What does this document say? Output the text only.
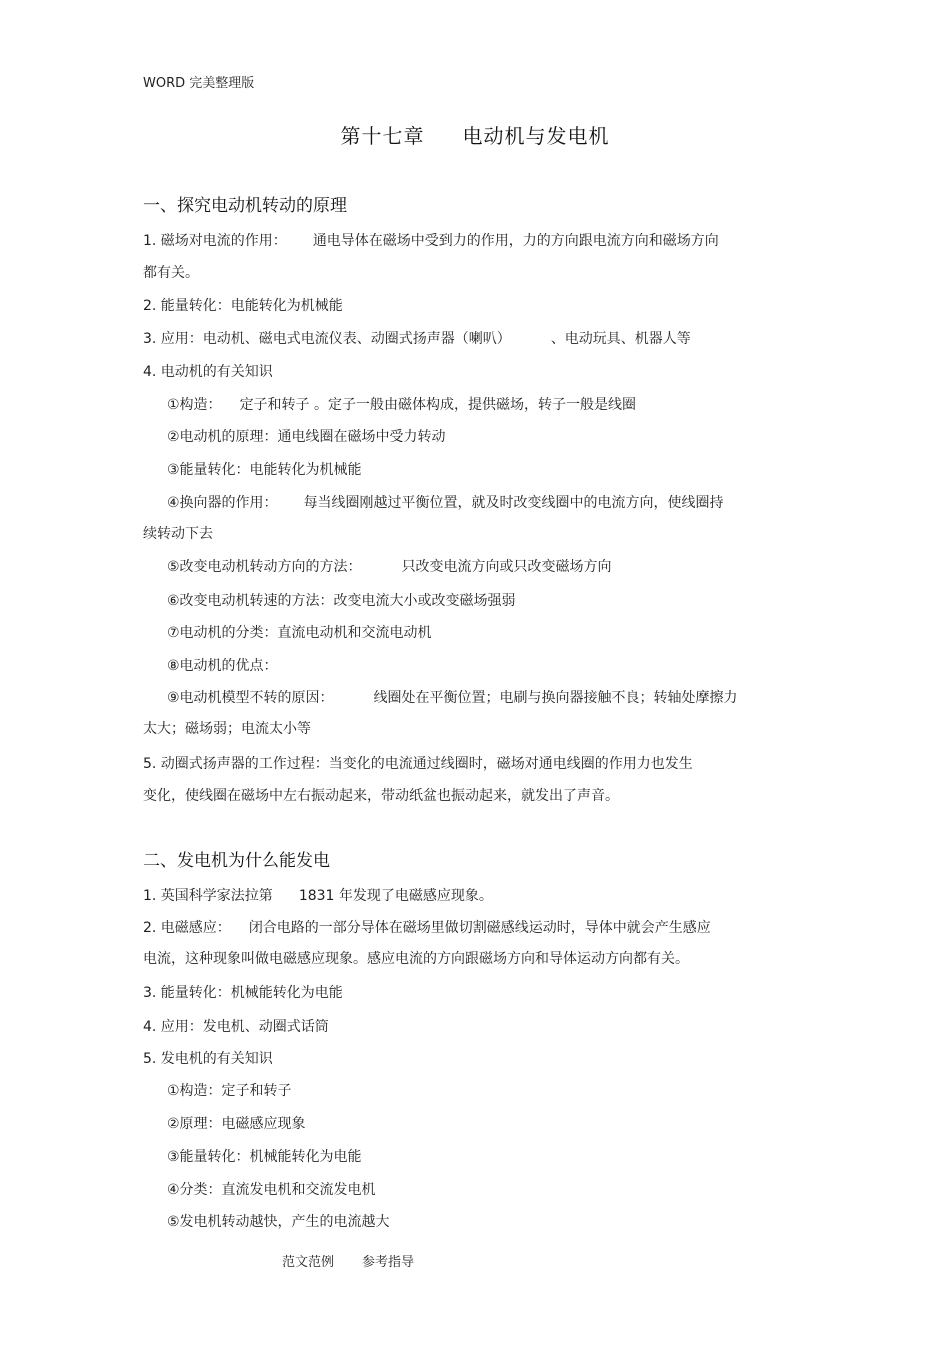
WORD 完美整理版
第十七章 电动机与发电机
一、探究电动机转动的原理
1. 磁场对电流的作用： 通电导体在磁场中受到力的作用，力的方向跟电流方向和磁场方向
都有关。
2. 能量转化：电能转化为机械能
3. 应用：电动机、磁电式电流仪表、动圈式扬声器（喇叭）	、电动玩具、机器人等
4. 电动机的有关知识
①构造： 定子和转子 。定子一般由磁体构成，提供磁场，转子一般是线圈
②电动机的原理：通电线圈在磁场中受力转动
③能量转化：电能转化为机械能
④换向器的作用： 每当线圈刚越过平衡位置，就及时改变线圈中的电流方向，使线圈持
续转动下去
⑤改变电动机转动方向的方法：	只改变电流方向或只改变磁场方向
⑥改变电动机转速的方法：改变电流大小或改变磁场强弱
⑦电动机的分类：直流电动机和交流电动机
⑧电动机的优点：
⑨电动机模型不转的原因：	线圈处在平衡位置；电刷与换向器接触不良；转轴处摩擦力
太大；磁场弱；电流太小等
5. 动圈式扬声器的工作过程：当变化的电流通过线圈时，磁场对通电线圈的作用力也发生
变化，使线圈在磁场中左右振动起来，带动纸盆也振动起来，就发出了声音。
二、发电机为什么能发电
1. 英国科学家法拉第 1831 年发现了电磁感应现象。
2. 电磁感应： 闭合电路的一部分导体在磁场里做切割磁感线运动时，导体中就会产生感应
电流，这种现象叫做电磁感应现象。感应电流的方向跟磁场方向和导体运动方向都有关。
3. 能量转化：机械能转化为电能
4. 应用：发电机、动圈式话筒
5. 发电机的有关知识
①构造：定子和转子
②原理：电磁感应现象
③能量转化：机械能转化为电能
④分类：直流发电机和交流发电机
⑤发电机转动越快，产生的电流越大
范文范例 参考指导
